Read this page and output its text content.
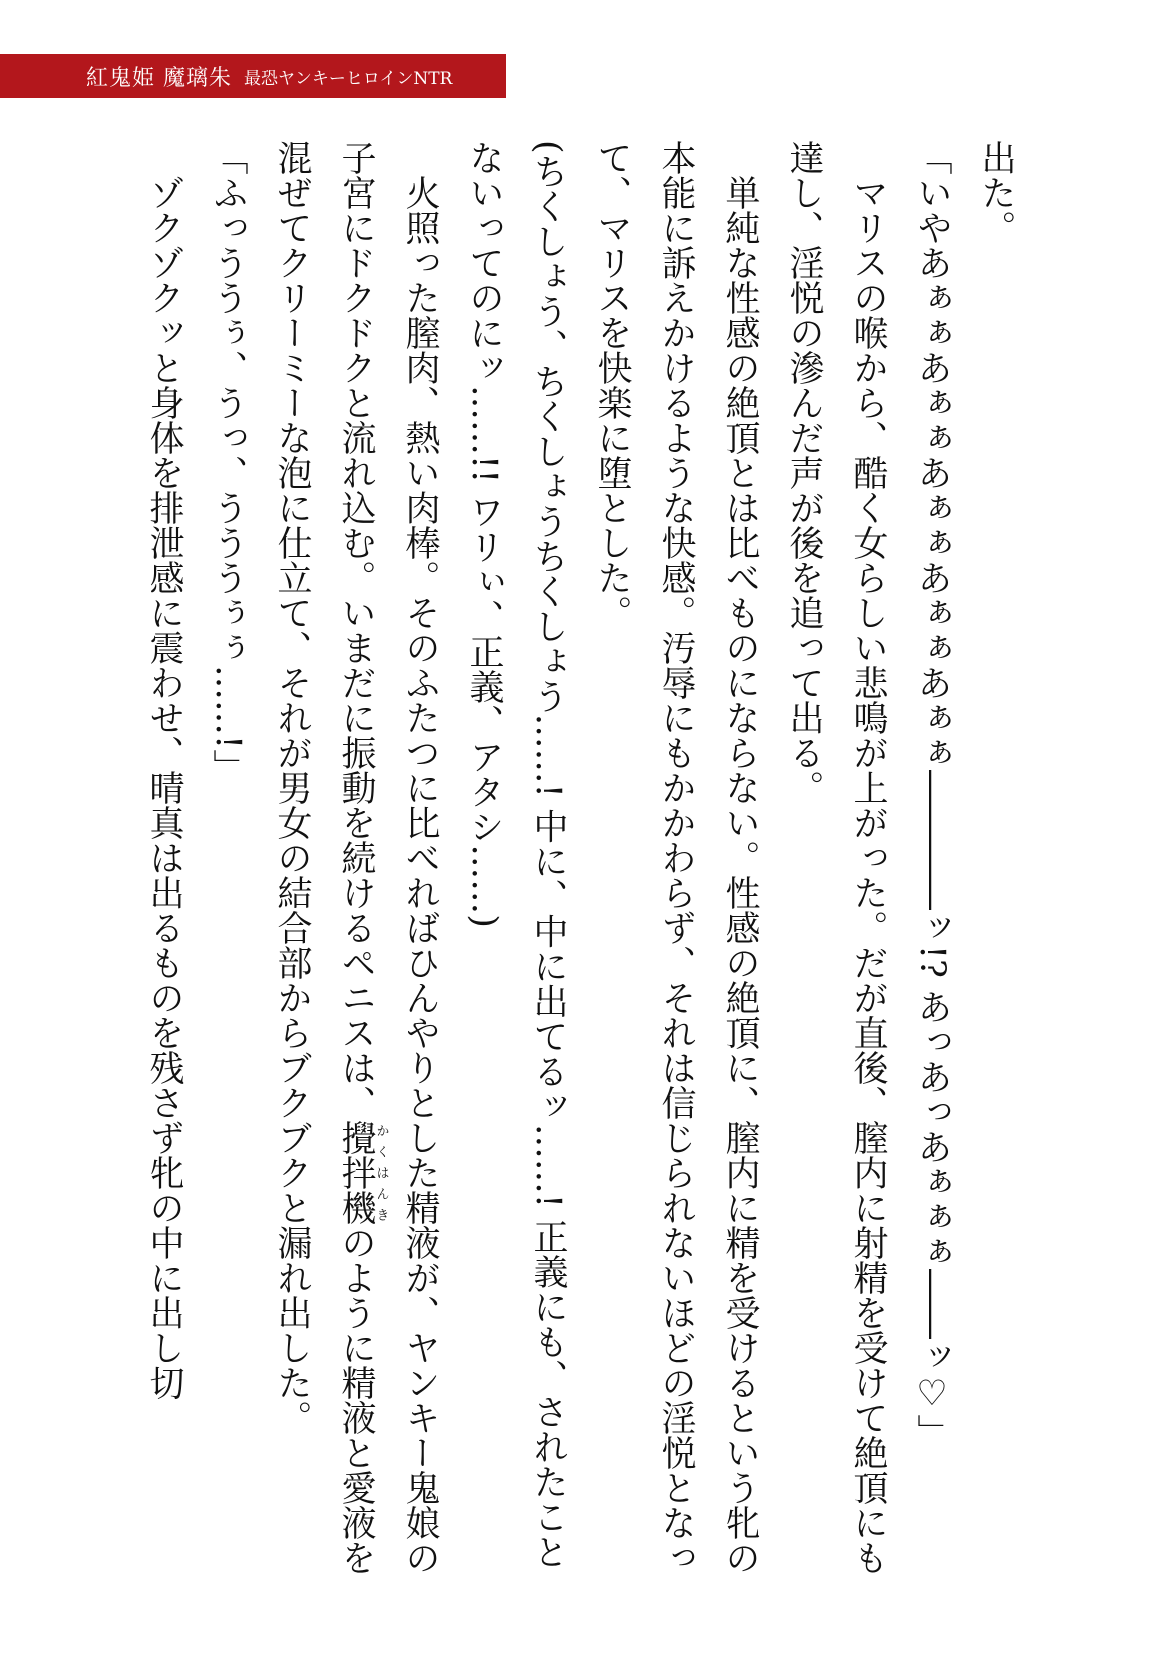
紅鬼姫 魔璃朱 最恐ヤンキーヒロインNTR

出た。

「いやあぁぁあぁぁあぁぁあぁぁあぁぁ――――ッ!? あっあっあぁぁぁ――ッ♡」

マリスの喉から、酷く女らしい悲鳴が上がった。だが直後、膣内に射精を受けて絶頂にも達し、淫悦の滲んだ声が後を追って出る。

単純な性感の絶頂とは比べものにならない。性感の絶頂に、膣内に精を受けるという牝の本能に訴えかけるような快感。汚辱にもかかわらず、それは信じられないほどの淫悦となって、マリスを快楽に堕とした。

(ちくしょう、ちくしょうちくしょう……! 中に、中に出てるッ……! 正義にも、されたことないってのにッ……!! ワリぃ、正義、アタシ……)

火照った膣肉、熱い肉棒。そのふたつに比べればひんやりとした精液が、ヤンキー鬼娘の子宮にドクドクと流れ込む。いまだに振動を続けるペニスは、攪拌機かくはんきのように精液と愛液を混ぜてクリーミーな泡に仕立て、それが男女の結合部からブクブクと漏れ出した。

「ふっううぅ、うっ、うううぅぅ……!」

ゾクゾクッと身体を排泄感に震わせ、晴真は出るものを残さず牝の中に出し切
